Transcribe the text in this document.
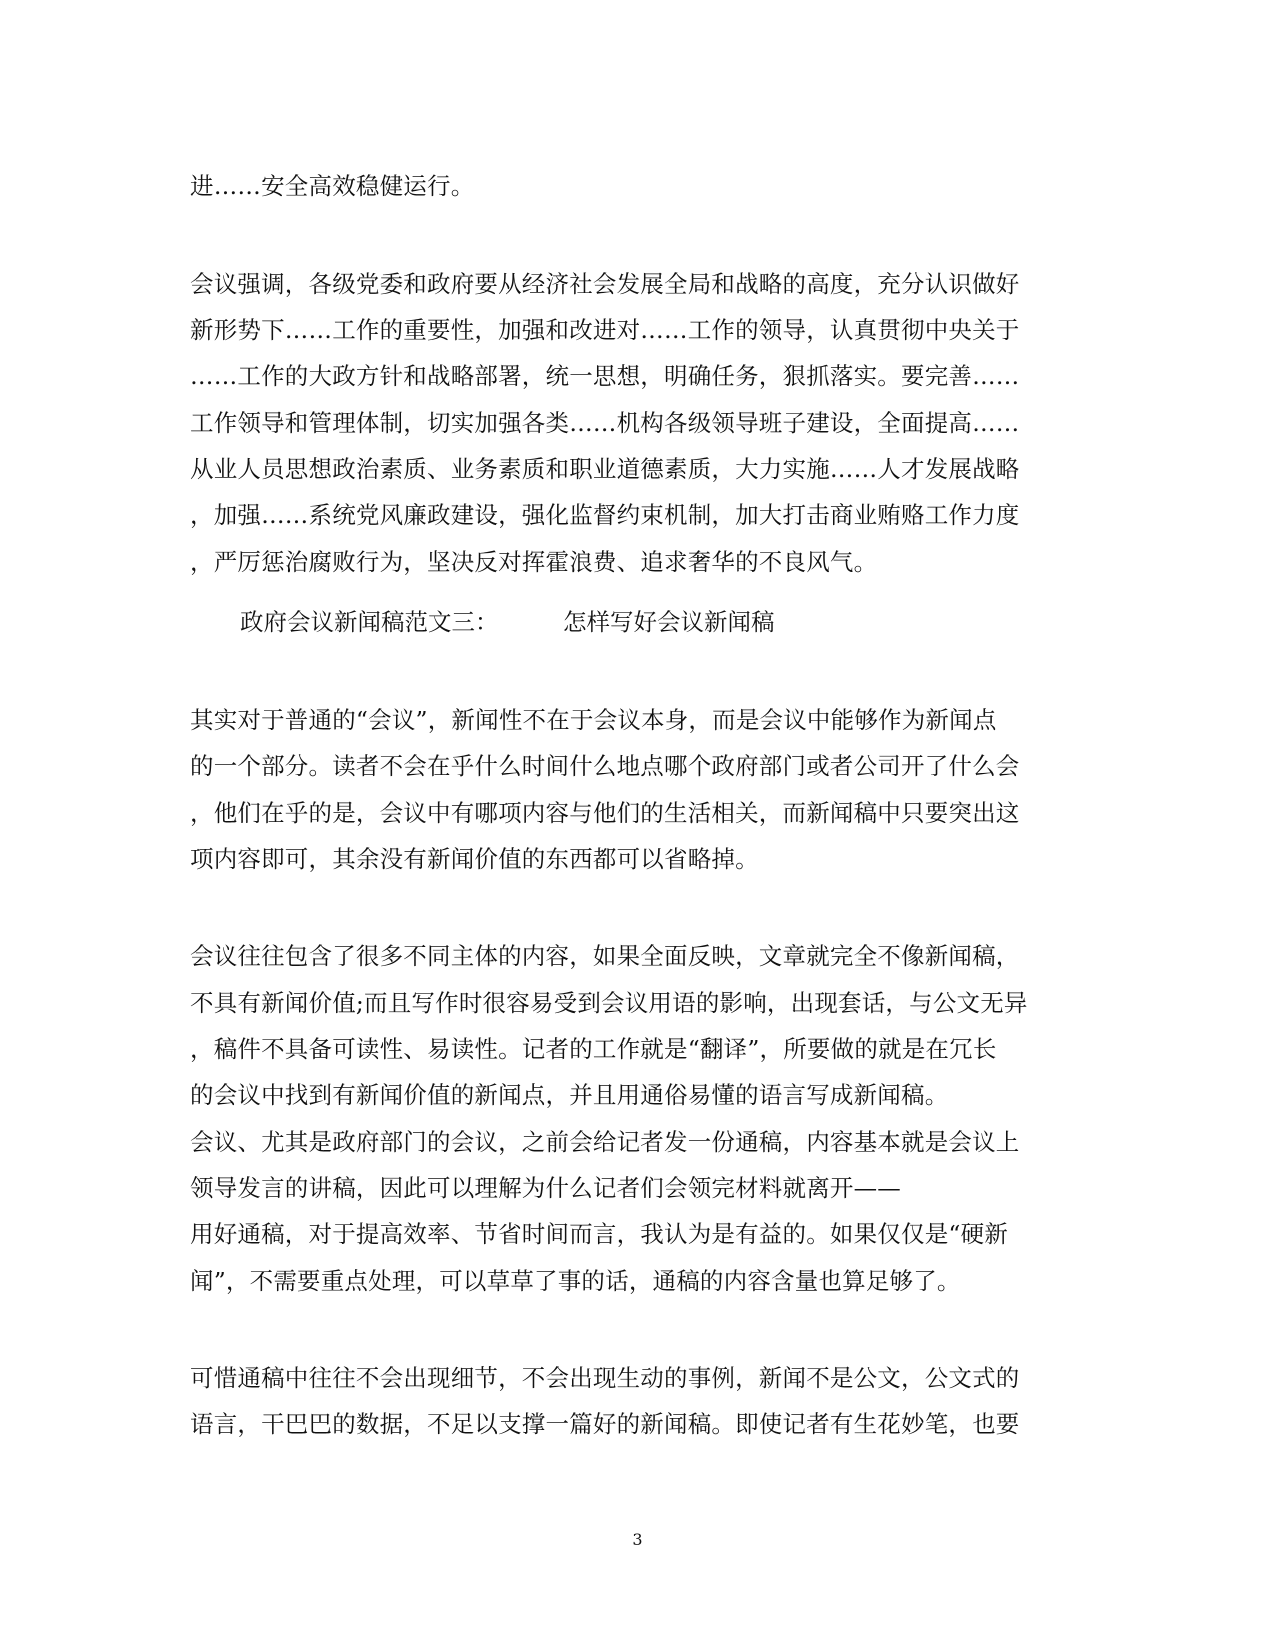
进……安全高效稳健运行。
会议强调，各级党委和政府要从经济社会发展全局和战略的高度，充分认识做好
新形势下……工作的重要性，加强和改进对……工作的领导，认真贯彻中央关于
……工作的大政方针和战略部署，统一思想，明确任务，狠抓落实。要完善……
工作领导和管理体制，切实加强各类……机构各级领导班子建设，全面提高……
从业人员思想政治素质、业务素质和职业道德素质，大力实施……人才发展战略
，加强……系统党风廉政建设，强化监督约束机制，加大打击商业贿赂工作力度
，严厉惩治腐败行为，坚决反对挥霍浪费、追求奢华的不良风气。
政府会议新闻稿范文三：	怎样写好会议新闻稿
其实对于普通的“会议”，新闻性不在于会议本身，而是会议中能够作为新闻点
的一个部分。读者不会在乎什么时间什么地点哪个政府部门或者公司开了什么会
，他们在乎的是，会议中有哪项内容与他们的生活相关，而新闻稿中只要突出这
项内容即可，其余没有新闻价值的东西都可以省略掉。
会议往往包含了很多不同主体的内容，如果全面反映，文章就完全不像新闻稿，
不具有新闻价值;而且写作时很容易受到会议用语的影响，出现套话，与公文无异
，稿件不具备可读性、易读性。记者的工作就是“翻译”，所要做的就是在冗长
的会议中找到有新闻价值的新闻点，并且用通俗易懂的语言写成新闻稿。
会议、尤其是政府部门的会议，之前会给记者发一份通稿，内容基本就是会议上
领导发言的讲稿，因此可以理解为什么记者们会领完材料就离开——
用好通稿，对于提高效率、节省时间而言，我认为是有益的。如果仅仅是“硬新
闻”，不需要重点处理，可以草草了事的话，通稿的内容含量也算足够了。
可惜通稿中往往不会出现细节，不会出现生动的事例，新闻不是公文，公文式的
语言，干巴巴的数据，不足以支撑一篇好的新闻稿。即使记者有生花妙笔，也要
3
